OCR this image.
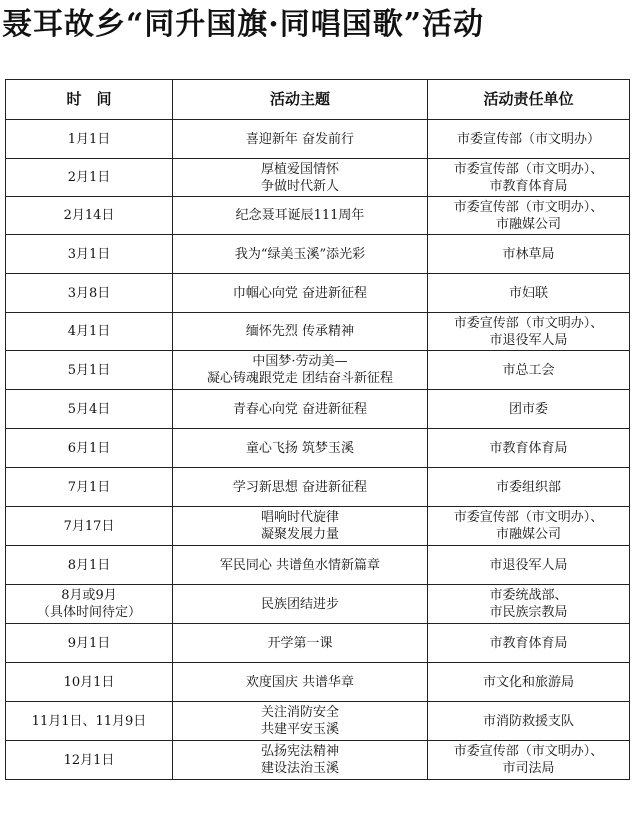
聂耳故乡“同升国旗·同唱国歌”活动
时　间	活动主题	活动责任单位

1月1日	喜迎新年 奋发前行	市委宣传部（市文明办）

2月1日	厚植爱国情怀
争做时代新人	市委宣传部（市文明办）、
市教育体育局

2月14日	纪念聂耳诞辰111周年	市委宣传部（市文明办）、
市融媒公司

3月1日	我为“绿美玉溪”添光彩	市林草局

3月8日	巾帼心向党 奋进新征程	市妇联

4月1日	缅怀先烈 传承精神	市委宣传部（市文明办）、
市退役军人局

5月1日	中国梦·劳动美—
凝心铸魂跟党走 团结奋斗新征程	市总工会

5月4日	青春心向党 奋进新征程	团市委

6月1日	童心飞扬 筑梦玉溪	市教育体育局

7月1日	学习新思想 奋进新征程	市委组织部

7月17日	唱响时代旋律
凝聚发展力量	市委宣传部（市文明办）、
市融媒公司

8月1日	军民同心 共谱鱼水情新篇章	市退役军人局

8月或9月
（具体时间待定）	民族团结进步	市委统战部、
市民族宗教局

9月1日	开学第一课	市教育体育局

10月1日	欢度国庆 共谱华章	市文化和旅游局

11月1日、11月9日	关注消防安全
共建平安玉溪	市消防救援支队

12月1日	弘扬宪法精神
建设法治玉溪	市委宣传部（市文明办）、
市司法局
